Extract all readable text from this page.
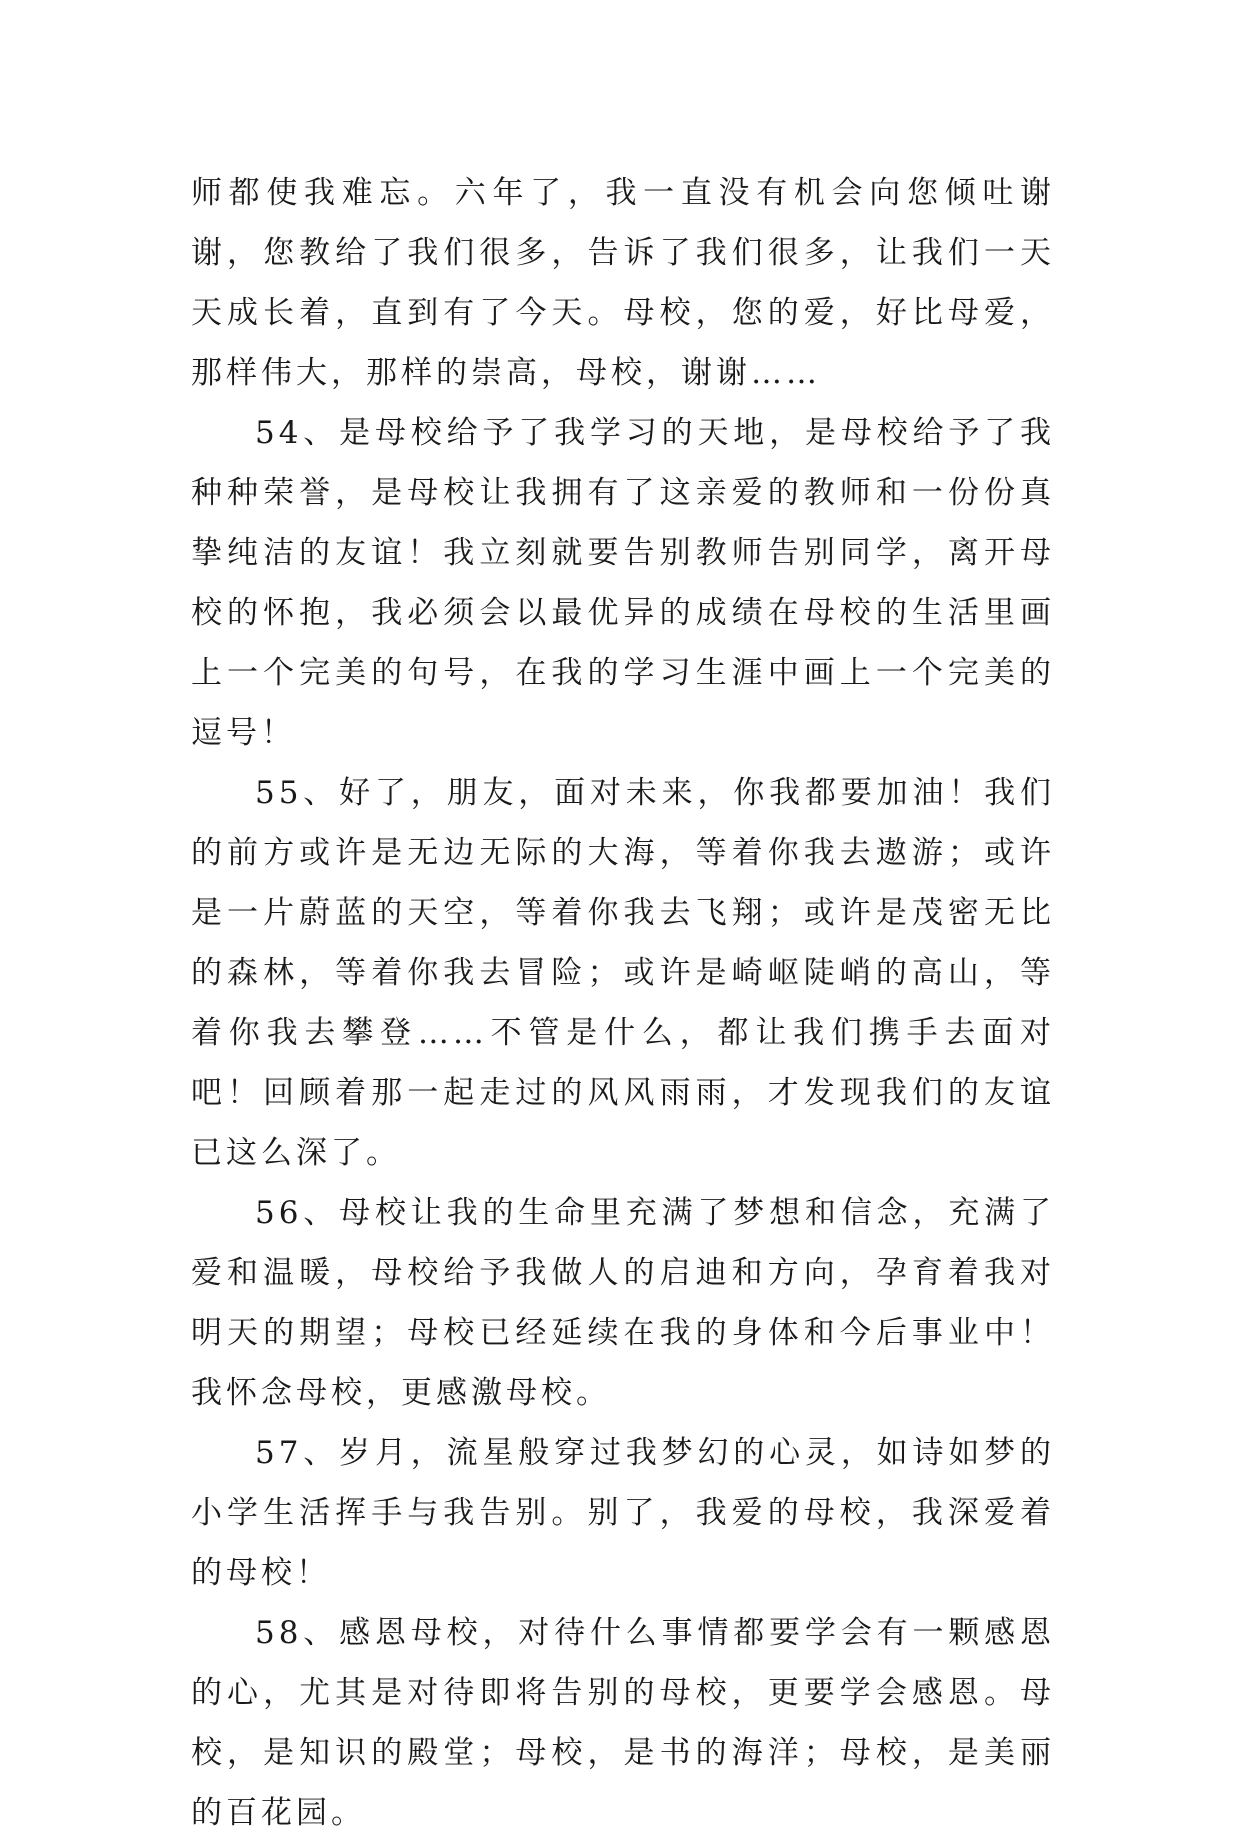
师都使我难忘。六年了，我一直没有机会向您倾吐谢谢，您教给了我们很多，告诉了我们很多，让我们一天天成长着，直到有了今天。母校，您的爱，好比母爱，那样伟大，那样的崇高，母校，谢谢……

54、是母校给予了我学习的天地，是母校给予了我种种荣誉，是母校让我拥有了这亲爱的教师和一份份真挚纯洁的友谊！我立刻就要告别教师告别同学，离开母校的怀抱，我必须会以最优异的成绩在母校的生活里画上一个完美的句号，在我的学习生涯中画上一个完美的逗号！

55、好了，朋友，面对未来，你我都要加油！我们的前方或许是无边无际的大海，等着你我去遨游；或许是一片蔚蓝的天空，等着你我去飞翔；或许是茂密无比的森林，等着你我去冒险；或许是崎岖陡峭的高山，等着你我去攀登……不管是什么，都让我们携手去面对吧！回顾着那一起走过的风风雨雨，才发现我们的友谊已这么深了。

56、母校让我的生命里充满了梦想和信念，充满了爱和温暖，母校给予我做人的启迪和方向，孕育着我对明天的期望；母校已经延续在我的身体和今后事业中！我怀念母校，更感激母校。

57、岁月，流星般穿过我梦幻的心灵，如诗如梦的小学生活挥手与我告别。别了，我爱的母校，我深爱着的母校！

58、感恩母校，对待什么事情都要学会有一颗感恩的心，尤其是对待即将告别的母校，更要学会感恩。母校，是知识的殿堂；母校，是书的海洋；母校，是美丽的百花园。
